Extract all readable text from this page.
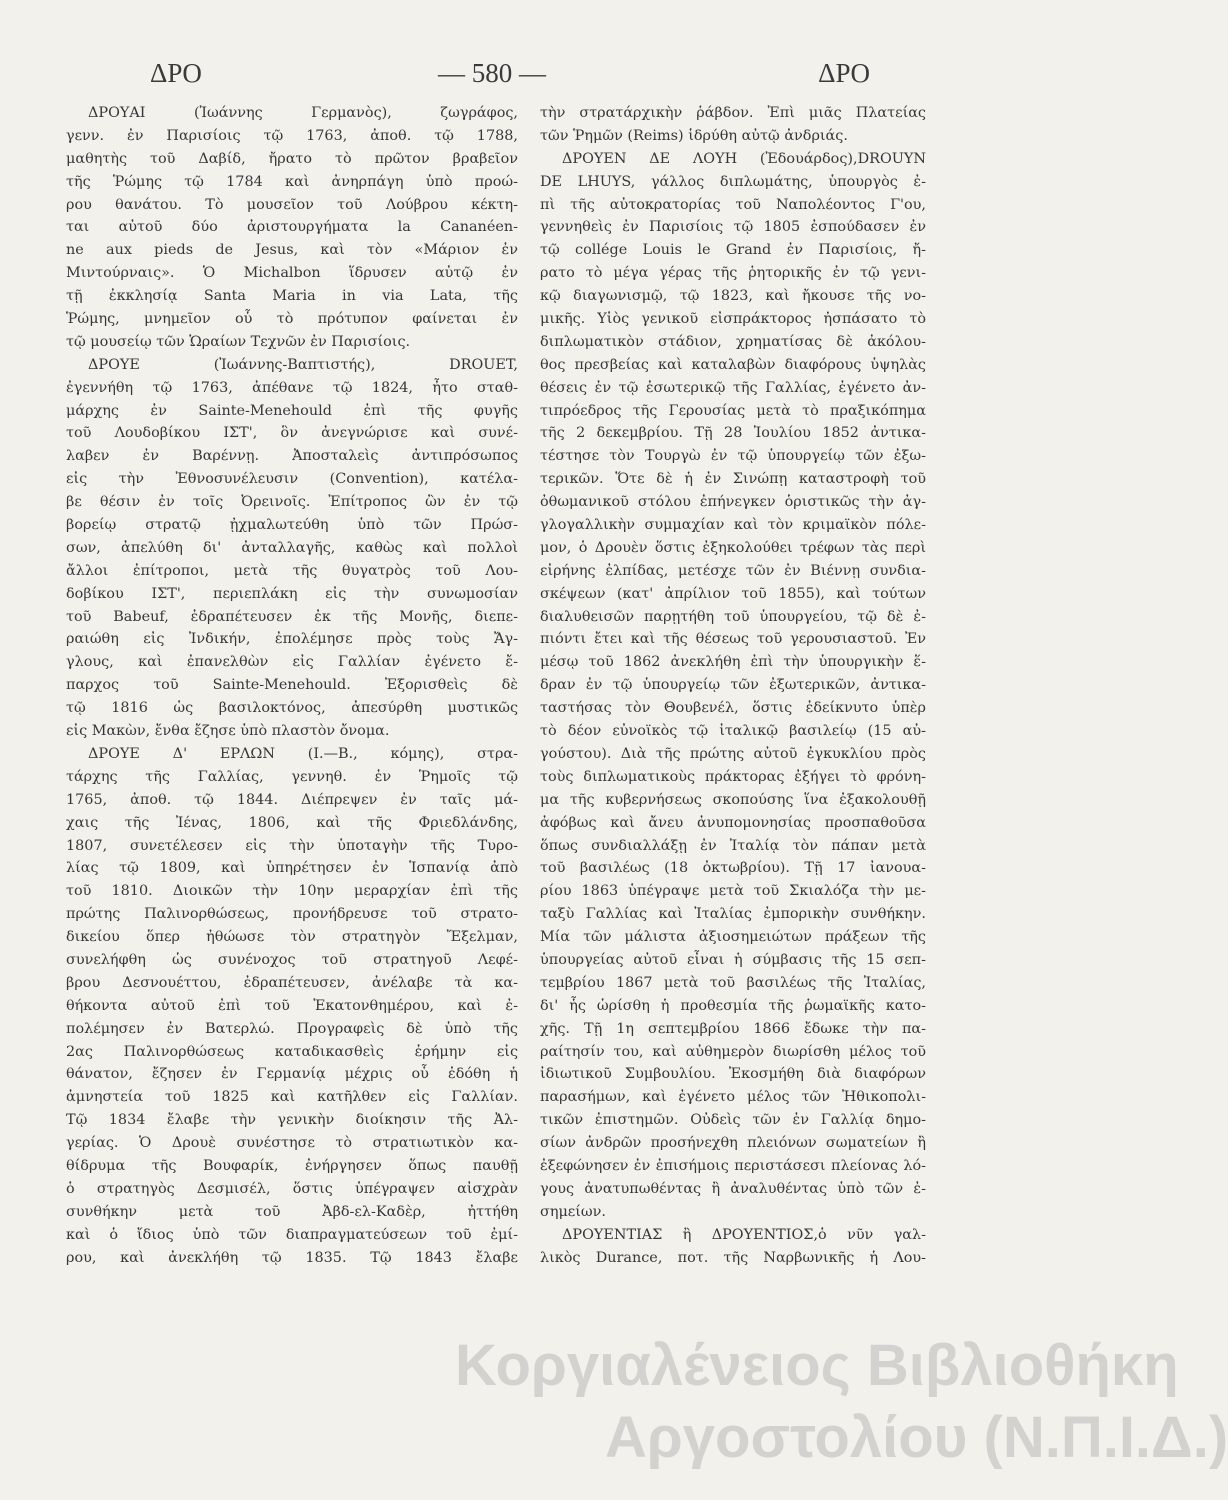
ΔΡΟ	— 580 —	ΔΡΟ
ΔΡΟΥΑΙ (Ἰωάννης Γερμανὸς), ζωγράφος,
γενν. ἐν Παρισίοις τῷ 1763, ἀποθ. τῷ 1788,
μαθητὴς τοῦ Δαβίδ, ἤρατο τὸ πρῶτον βραβεῖον
τῆς Ῥώμης τῷ 1784 καὶ ἀνηρπάγη ὑπὸ προώ-
ρου θανάτου. Τὸ μουσεῖον τοῦ Λούβρου κέκτη-
ται αὐτοῦ δύο ἀριστουργήματα la Cananéen-
ne aux pieds de Jesus, καὶ τὸν «Μάριον ἐν
Μιντούρναις». Ὁ Michalbon ἵδρυσεν αὐτῷ ἐν
τῇ ἐκκλησίᾳ Santa Maria in via Lata, τῆς
Ῥώμης, μνημεῖον οὗ τὸ πρότυπον φαίνεται ἐν
τῷ μουσείῳ τῶν Ὡραίων Τεχνῶν ἐν Παρισίοις.
ΔΡΟΥΕ (Ἰωάννης-Βαπτιστής), DROUET,
ἐγεννήθη τῷ 1763, ἀπέθανε τῷ 1824, ἦτο σταθ-
μάρχης ἐν Sainte-Menehould ἐπὶ τῆς φυγῆς
τοῦ Λουδοβίκου ΙΣΤ', ὃν ἀνεγνώρισε καὶ συνέ-
λαβεν ἐν Βαρέννῃ. Ἀποσταλεὶς ἀντιπρόσωπος
εἰς τὴν Ἐθνοσυνέλευσιν (Convention), κατέλα-
βε θέσιν ἐν τοῖς Ὀρεινοῖς. Ἐπίτροπος ὢν ἐν τῷ
βορείῳ στρατῷ ᾐχμαλωτεύθη ὑπὸ τῶν Πρώσ-
σων, ἀπελύθη δι' ἀνταλλαγῆς, καθὼς καὶ πολλοὶ
ἄλλοι ἐπίτροποι, μετὰ τῆς θυγατρὸς τοῦ Λου-
δοβίκου ΙΣΤ', περιεπλάκη εἰς τὴν συνωμοσίαν
τοῦ Babeuf, ἐδραπέτευσεν ἐκ τῆς Μονῆς, διεπε-
ραιώθη εἰς Ἰνδικήν, ἐπολέμησε πρὸς τοὺς Ἄγ-
γλους, καὶ ἐπανελθὼν εἰς Γαλλίαν ἐγένετο ἔ-
παρχος τοῦ Sainte-Menehould. Ἐξορισθεὶς δὲ
τῷ 1816 ὡς βασιλοκτόνος, ἀπεσύρθη μυστικῶς
εἰς Μακὼν, ἔνθα ἔζησε ὑπὸ πλαστὸν ὄνομα.
ΔΡΟΥΕ Δ' ΕΡΛΩΝ (Ι.—Β., κόμης), στρα-
τάρχης τῆς Γαλλίας, γεννηθ. ἐν Ῥημοῖς τῷ
1765, ἀποθ. τῷ 1844. Διέπρεψεν ἐν ταῖς μά-
χαις τῆς Ἰένας, 1806, καὶ τῆς Φριεδλάνδης,
1807, συνετέλεσεν εἰς τὴν ὑποταγὴν τῆς Τυρο-
λίας τῷ 1809, καὶ ὑπηρέτησεν ἐν Ἱσπανίᾳ ἀπὸ
τοῦ 1810. Διοικῶν τὴν 10ην μεραρχίαν ἐπὶ τῆς
πρώτης Παλινορθώσεως, προνήδρευσε τοῦ στρατο-
δικείου ὅπερ ἠθώωσε τὸν στρατηγὸν Ἔξελμαν,
συνελήφθη ὡς συνένοχος τοῦ στρατηγοῦ Λεφέ-
βρου Δεσνουέττου, ἐδραπέτευσεν, ἀνέλαβε τὰ κα-
θήκοντα αὐτοῦ ἐπὶ τοῦ Ἑκατονθημέρου, καὶ ἐ-
πολέμησεν ἐν Βατερλώ. Προγραφεὶς δὲ ὑπὸ τῆς
2ας Παλινορθώσεως καταδικασθεὶς ἐρήμην εἰς
θάνατον, ἔζησεν ἐν Γερμανίᾳ μέχρις οὗ ἐδόθη ἡ
ἀμνηστεία τοῦ 1825 καὶ κατῆλθεν εἰς Γαλλίαν.
Τῷ 1834 ἔλαβε τὴν γενικὴν διοίκησιν τῆς Ἀλ-
γερίας. Ὁ Δρουὲ συνέστησε τὸ στρατιωτικὸν κα-
θίδρυμα τῆς Βουφαρίκ, ἐνήργησεν ὅπως παυθῇ
ὁ στρατηγὸς Δεσμισέλ, ὅστις ὑπέγραψεν αἰσχρὰν
συνθήκην μετὰ τοῦ Ἀβδ-ελ-Καδὲρ, ἠττήθη
καὶ ὁ ἴδιος ὑπὸ τῶν διαπραγματεύσεων τοῦ ἐμί-
ρου, καὶ ἀνεκλήθη τῷ 1835. Τῷ 1843 ἔλαβε
τὴν στρατάρχικὴν ῥάβδον. Ἐπὶ μιᾶς Πλατείας
τῶν Ῥημῶν (Reims) ἱδρύθη αὐτῷ ἀνδριάς.
ΔΡΟΥΕΝ ΔΕ ΛΟΥΗ (Ἐδουάρδος),DROUYN
DE LHUYS, γάλλος διπλωμάτης, ὑπουργὸς ἐ-
πὶ τῆς αὐτοκρατορίας τοῦ Ναπολέοντος Γ'ου,
γεννηθεὶς ἐν Παρισίοις τῷ 1805 ἐσπούδασεν ἐν
τῷ collége Louis le Grand ἐν Παρισίοις, ἤ-
ρατο τὸ μέγα γέρας τῆς ῥητορικῆς ἐν τῷ γενι-
κῷ διαγωνισμῷ, τῷ 1823, καὶ ἤκουσε τῆς νο-
μικῆς. Υἱὸς γενικοῦ εἰσπράκτορος ἠσπάσατο τὸ
διπλωματικὸν στάδιον, χρηματίσας δὲ ἀκόλου-
θος πρεσβείας καὶ καταλαβὼν διαφόρους ὑψηλὰς
θέσεις ἐν τῷ ἐσωτερικῷ τῆς Γαλλίας, ἐγένετο ἀν-
τιπρόεδρος τῆς Γερουσίας μετὰ τὸ πραξικόπημα
τῆς 2 δεκεμβρίου. Τῇ 28 Ἰουλίου 1852 ἀντικα-
τέστησε τὸν Τουργὼ ἐν τῷ ὑπουργείῳ τῶν ἐξω-
τερικῶν. Ὅτε δὲ ἡ ἐν Σινώπῃ καταστροφὴ τοῦ
ὀθωμανικοῦ στόλου ἐπήνεγκεν ὁριστικῶς τὴν ἀγ-
γλογαλλικὴν συμμαχίαν καὶ τὸν κριμαϊκὸν πόλε-
μον, ὁ Δρουὲν ὅστις ἐξηκολούθει τρέφων τὰς περὶ
εἰρήνης ἐλπίδας, μετέσχε τῶν ἐν Βιέννῃ συνδια-
σκέψεων (κατ' ἀπρίλιον τοῦ 1855), καὶ τούτων
διαλυθεισῶν παρῃτήθη τοῦ ὑπουργείου, τῷ δὲ ἐ-
πιόντι ἔτει καὶ τῆς θέσεως τοῦ γερουσιαστοῦ. Ἐν
μέσῳ τοῦ 1862 ἀνεκλήθη ἐπὶ τὴν ὑπουργικὴν ἕ-
δραν ἐν τῷ ὑπουργείῳ τῶν ἐξωτερικῶν, ἀντικα-
ταστήσας τὸν Θουβενέλ, ὅστις ἐδείκνυτο ὑπὲρ
τὸ δέον εὐνοϊκὸς τῷ ἰταλικῷ βασιλείῳ (15 αὐ-
γούστου). Διὰ τῆς πρώτης αὐτοῦ ἐγκυκλίου πρὸς
τοὺς διπλωματικοὺς πράκτορας ἐξήγει τὸ φρόνη-
μα τῆς κυβερνήσεως σκοπούσης ἵνα ἐξακολουθῇ
ἀφόβως καὶ ἄνευ ἀνυπομονησίας προσπαθοῦσα
ὅπως συνδιαλλάξῃ ἐν Ἰταλίᾳ τὸν πάπαν μετὰ
τοῦ βασιλέως (18 ὀκτωβρίου). Τῇ 17 ἰανουα-
ρίου 1863 ὑπέγραψε μετὰ τοῦ Σκιαλόζα τὴν με-
ταξὺ Γαλλίας καὶ Ἰταλίας ἐμπορικὴν συνθήκην.
Μία τῶν μάλιστα ἀξιοσημειώτων πράξεων τῆς
ὑπουργείας αὐτοῦ εἶναι ἡ σύμβασις τῆς 15 σεπ-
τεμβρίου 1867 μετὰ τοῦ βασιλέως τῆς Ἰταλίας,
δι' ἧς ὡρίσθη ἡ προθεσμία τῆς ῥωμαϊκῆς κατο-
χῆς. Τῇ 1η σεπτεμβρίου 1866 ἔδωκε τὴν πα-
ραίτησίν του, καὶ αὐθημερὸν διωρίσθη μέλος τοῦ
ἰδιωτικοῦ Συμβουλίου. Ἐκοσμήθη διὰ διαφόρων
παρασήμων, καὶ ἐγένετο μέλος τῶν Ἠθικοπολι-
τικῶν ἐπιστημῶν. Οὐδεὶς τῶν ἐν Γαλλίᾳ δημο-
σίων ἀνδρῶν προσήνεχθη πλειόνων σωματείων ἢ
ἐξεφώνησεν ἐν ἐπισήμοις περιστάσεσι πλείονας λό-
γους ἀνατυπωθέντας ἢ ἀναλυθέντας ὑπὸ τῶν ἐ-
σημείων.
ΔΡΟΥΕΝΤΙΑΣ ἢ ΔΡΟΥΕΝΤΙΟΣ,ὁ νῦν γαλ-
λικὸς Durance, ποτ. τῆς Ναρβωνικῆς ἡ Λου-
Κοργιαλένειος Βιβλιοθήκη
Αργοστολίου (Ν.Π.Ι.Δ.)
